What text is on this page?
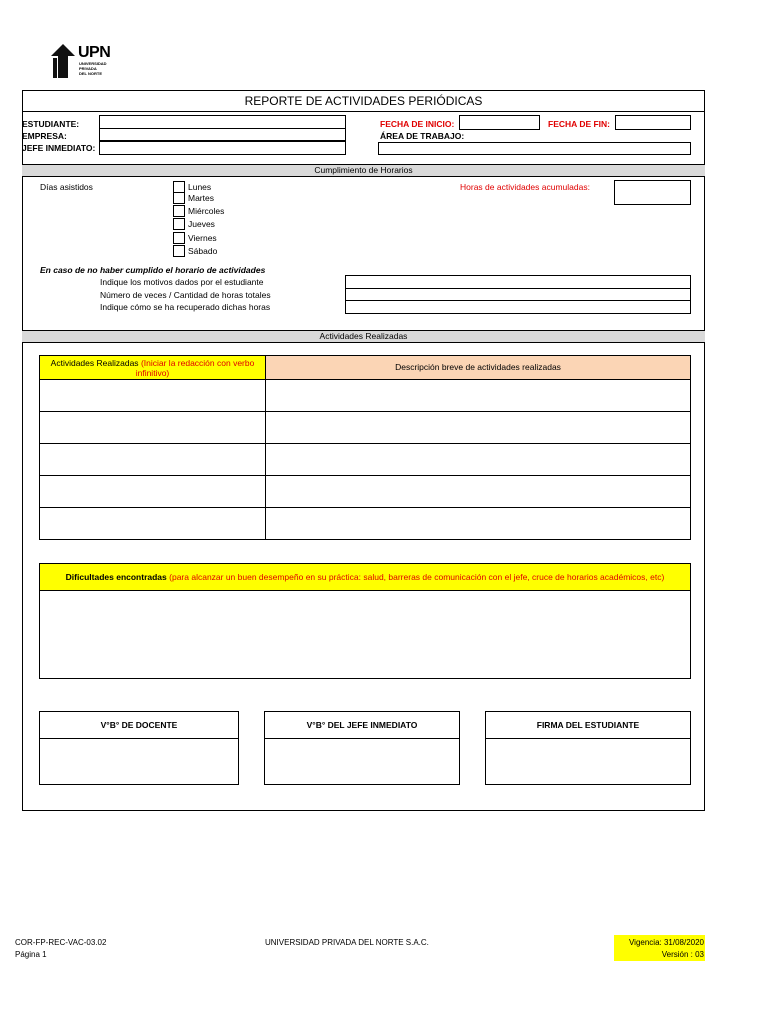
UPN
UNIVERSIDAD
PRIVADA
DEL NORTE
REPORTE DE ACTIVIDADES PERIÓDICAS
ESTUDIANTE:
EMPRESA:
JEFE INMEDIATO:
FECHA DE INICIO:	FECHA DE FIN:
ÁREA DE TRABAJO:
Cumplimiento de Horarios
Días asistidos	Lunes
Martes
Miércoles
Jueves
Viernes
Sábado
Horas de actividades acumuladas:
En caso de no haber cumplido el horario de actividades
Indique los motivos dados por el estudiante
Número de veces / Cantidad de horas totales
Indique cómo se ha recuperado dichas horas
Actividades Realizadas
Actividades Realizadas (Iniciar la redacción con verbo infinitivo)
Descripción breve de actividades realizadas
Dificultades encontradas (para alcanzar un buen desempeño en su práctica: salud, barreras de comunicación con el jefe, cruce de horarios académicos, etc)
V°B° DE DOCENTE	V°B° DEL JEFE INMEDIATO	FIRMA DEL ESTUDIANTE
COR-FP-REC-VAC-03.02
Página 1
UNIVERSIDAD PRIVADA DEL NORTE S.A.C.	Vigencia: 31/08/2020
Versión : 03
